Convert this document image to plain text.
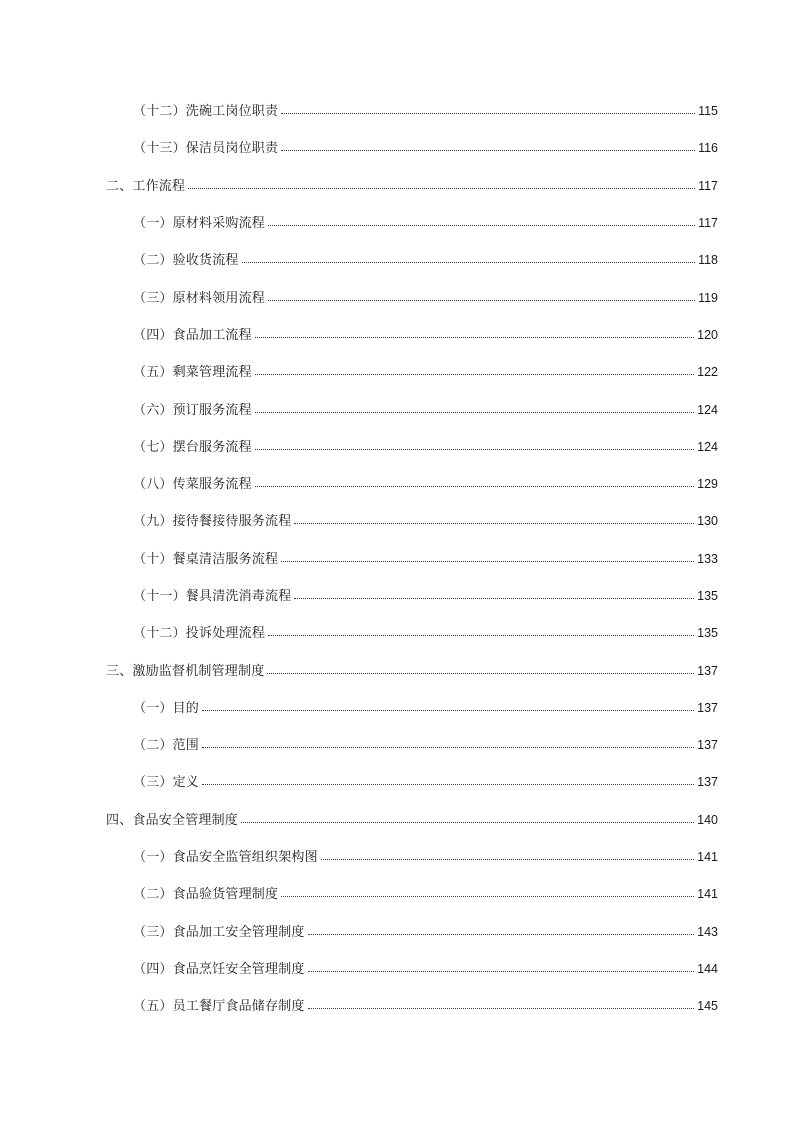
（十二）洗碗工岗位职责	115
（十三）保洁员岗位职责	116
二、工作流程	117
（一）原材料采购流程	117
（二）验收货流程	118
（三）原材料领用流程	119
（四）食品加工流程	120
（五）剩菜管理流程	122
（六）预订服务流程	124
（七）摆台服务流程	124
（八）传菜服务流程	129
（九）接待餐接待服务流程	130
（十）餐桌清洁服务流程	133
（十一）餐具清洗消毒流程	135
（十二）投诉处理流程	135
三、激励监督机制管理制度	137
（一）目的	137
（二）范围	137
（三）定义	137
四、食品安全管理制度	140
（一）食品安全监管组织架构图	141
（二）食品验货管理制度	141
（三）食品加工安全管理制度	143
（四）食品烹饪安全管理制度	144
（五）员工餐厅食品储存制度	145
